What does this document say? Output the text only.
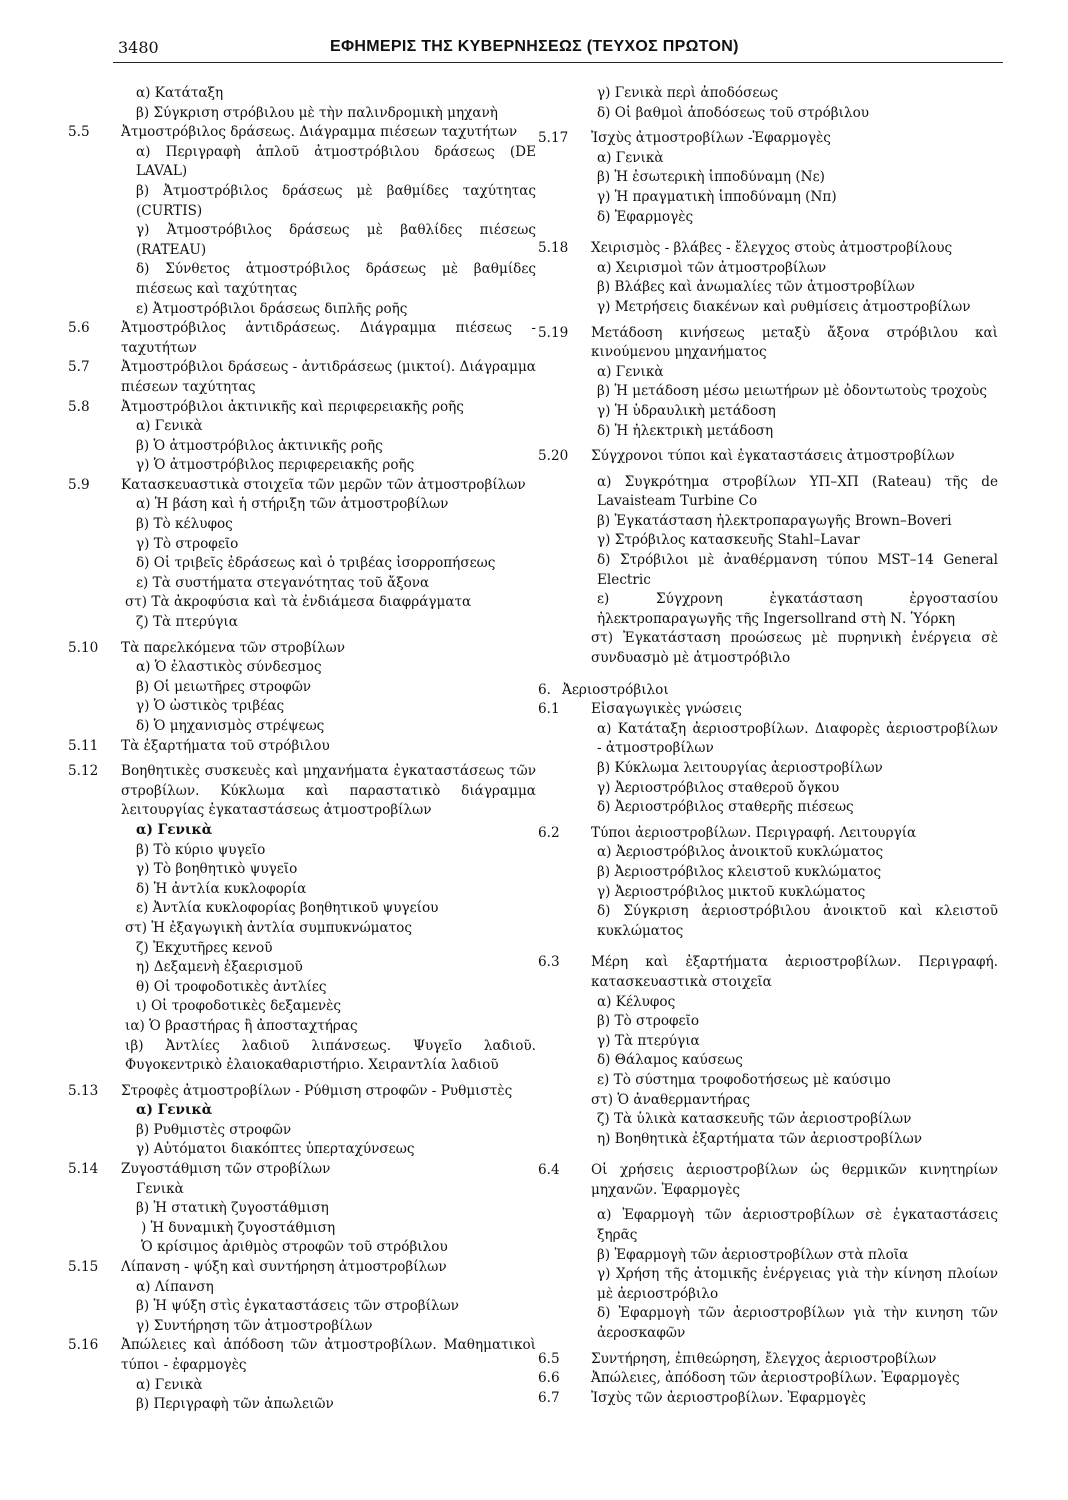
3480	ΕΦΗΜΕΡΙΣ ΤΗΣ ΚΥΒΕΡΝΗΣΕΩΣ (ΤΕΥΧΟΣ ΠΡΩΤΟΝ)
α) Κατάταξη
β) Σύγκριση στρόβιλου μὲ τὴν παλινδρομικὴ μηχανὴ
5.5	Ἀτμοστρόβιλος δράσεως. Διάγραμμα πιέσεων ταχυτήτων
α) Περιγραφὴ ἁπλοῦ ἀτμοστρόβιλου δράσεως (DE LAVAL)
β) Ἀτμοστρόβιλος δράσεως μὲ βαθμίδες ταχύτητας (CURTIS)
γ) Ἀτμοστρόβιλος δράσεως μὲ βαθλίδες πιέσεως (RATEAU)
δ) Σύνθετος ἀτμοστρόβιλος δράσεως μὲ βαθμίδες πιέσεως καὶ ταχύτητας
ε) Ἀτμοστρόβιλοι δράσεως διπλῆς ροῆς
5.6	Ἀτμοστρόβιλος ἀντιδράσεως. Διάγραμμα πιέσεως - ταχυτήτων
5.7	Ἀτμοστρόβιλοι δράσεως - ἀντιδράσεως (μικτοί). Διάγραμμα πιέσεων ταχύτητας
5.8	Ἀτμοστρόβιλοι ἀκτινικῆς καὶ περιφερειακῆς ροῆς
α) Γενικὰ
β) Ὁ ἀτμοστρόβιλος ἀκτινικῆς ροῆς
γ) Ὁ ἀτμοστρόβιλος περιφερειακῆς ροῆς
5.9	Κατασκευαστικὰ στοιχεῖα τῶν μερῶν τῶν ἀτμοστροβίλων
α) Ἡ βάση καὶ ἡ στήριξη τῶν ἀτμοστροβίλων
β) Τὸ κέλυφος
γ) Τὸ στροφεῖο
δ) Οἱ τριβεῖς ἐδράσεως καὶ ὁ τριβέας ἰσορροπήσεως
ε) Τὰ συστήματα στεγανότητας τοῦ ἄξονα
στ) Τὰ ἀκροφύσια καὶ τὰ ἐνδιάμεσα διαφράγματα
ζ) Τὰ πτερύγια
5.10	Τὰ παρελκόμενα τῶν στροβίλων
α) Ὁ ἐλαστικὸς σύνδεσμος
β) Οἱ μειωτῆρες στροφῶν
γ) Ὁ ὠστικὸς τριβέας
δ) Ὁ μηχανισμὸς στρέψεως
5.11	Τὰ ἐξαρτήματα τοῦ στρόβιλου
5.12	Βοηθητικὲς συσκευὲς καὶ μηχανήματα ἐγκαταστάσεως τῶν στροβίλων. Κύκλωμα καὶ παραστατικὸ διάγραμμα λειτουργίας ἐγκαταστάσεως ἀτμοστροβίλων
α) Γενικὰ
β) Τὸ κύριο ψυγεῖο
γ) Τὸ βοηθητικὸ ψυγεῖο
δ) Ἡ ἀντλία κυκλοφορία
ε) Ἀντλία κυκλοφορίας βοηθητικοῦ ψυγείου
στ) Ἡ ἐξαγωγικὴ ἀντλία συμπυκνώματος
ζ) Ἐκχυτῆρες κενοῦ
η) Δεξαμενὴ ἐξαερισμοῦ
θ) Οἱ τροφοδοτικὲς ἀντλίες
ι) Οἱ τροφοδοτικὲς δεξαμενὲς
ια) Ὁ βραστήρας ἢ ἀποσταχτήρας
ιβ) Ἀντλίες λαδιοῦ λιπάνσεως. Ψυγεῖο λαδιοῦ. Φυγοκεντρικὸ ἐλαιοκαθαριστήριο. Χειραντλία λαδιοῦ
5.13	Στροφὲς ἀτμοστροβίλων - Ρύθμιση στροφῶν - Ρυθμιστὲς
α) Γενικὰ
β) Ρυθμιστὲς στροφῶν
γ) Αὐτόματοι διακόπτες ὑπερταχύνσεως
5.14	Ζυγοστάθμιση τῶν στροβίλων
Γενικὰ
β) Ἡ στατικὴ ζυγοστάθμιση
) Ἡ δυναμικὴ ζυγοστάθμιση
Ὁ κρίσιμος ἀριθμὸς στροφῶν τοῦ στρόβιλου
5.15	Λίπανση - ψύξη καὶ συντήρηση ἀτμοστροβίλων
α) Λίπανση
β) Ἡ ψύξη στὶς ἐγκαταστάσεις τῶν στροβίλων
γ) Συντήρηση τῶν ἀτμοστροβίλων
5.16	Ἀπώλειες καὶ ἀπόδοση τῶν ἀτμοστροβίλων. Μαθηματικοὶ τύποι - ἐφαρμογὲς
α) Γενικὰ
β) Περιγραφὴ τῶν ἀπωλειῶν
γ) Γενικὰ περὶ ἀποδόσεως
δ) Οἱ βαθμοὶ ἀποδόσεως τοῦ στρόβιλου
5.17	Ἰσχὺς ἀτμοστροβίλων -Ἐφαρμογὲς
α) Γενικὰ
β) Ἡ ἐσωτερικὴ ἱπποδύναμη (Νε)
γ) Ἡ πραγματικὴ ἱπποδύναμη (Νπ)
δ) Ἐφαρμογὲς
5.18	Χειρισμὸς - βλάβες - ἔλεγχος στοὺς ἀτμοστροβίλους
α) Χειρισμοὶ τῶν ἀτμοστροβίλων
β) Βλάβες καὶ ἀνωμαλίες τῶν ἀτμοστροβίλων
γ) Μετρήσεις διακένων καὶ ρυθμίσεις ἀτμοστροβίλων
5.19	Μετάδοση κινήσεως μεταξὺ ἄξονα στρόβιλου καὶ κινούμενου μηχανήματος
α) Γενικὰ
β) Ἡ μετάδοση μέσω μειωτήρων μὲ ὀδοντωτοὺς τροχοὺς
γ) Ἡ ὑδραυλικὴ μετάδοση
δ) Ἡ ἠλεκτρικὴ μετάδοση
5.20	Σύγχρονοι τύποι καὶ ἐγκαταστάσεις ἀτμοστροβίλων
α) Συγκρότημα στροβίλων ΥΠ–ΧΠ (Rateau) τῆς de Lavaisteam Turbine Co
β) Ἐγκατάσταση ἠλεκτροπαραγωγῆς Brown–Boveri
γ) Στρόβιλος κατασκευῆς Stahl–Lavar
δ) Στρόβιλοι μὲ ἀναθέρμανση τύπου MST–14 General Electric
ε) Σύγχρονη ἐγκατάσταση ἐργοστασίου ἠλεκτροπαραγωγῆς τῆς Ingersollrand στὴ Ν. Ὑόρκη
στ) Ἐγκατάσταση προώσεως μὲ πυρηνικὴ ἐνέργεια σὲ συνδυασμὸ μὲ ἀτμοστρόβιλο
6. Ἀεριοστρόβιλοι
6.1	Εἰσαγωγικὲς γνώσεις
α) Κατάταξη ἀεριοστροβίλων. Διαφορὲς ἀεριοστροβίλων - ἀτμοστροβίλων
β) Κύκλωμα λειτουργίας ἀεριοστροβίλων
γ) Ἀεριοστρόβιλος σταθεροῦ ὄγκου
δ) Ἀεριοστρόβιλος σταθερῆς πιέσεως
6.2	Τύποι ἀεριοστροβίλων. Περιγραφή. Λειτουργία
α) Ἀεριοστρόβιλος ἀνοικτοῦ κυκλώματος
β) Ἀεριοστρόβιλος κλειστοῦ κυκλώματος
γ) Ἀεριοστρόβιλος μικτοῦ κυκλώματος
δ) Σύγκριση ἀεριοστρόβιλου ἀνοικτοῦ καὶ κλειστοῦ κυκλώματος
6.3	Μέρη καὶ ἐξαρτήματα ἀεριοστροβίλων. Περιγραφή. κατασκευαστικὰ στοιχεῖα
α) Κέλυφος
β) Τὸ στροφεῖο
γ) Τὰ πτερύγια
δ) Θάλαμος καύσεως
ε) Τὸ σύστημα τροφοδοτήσεως μὲ καύσιμο
στ) Ὁ ἀναθερμαντήρας
ζ) Τὰ ὑλικὰ κατασκευῆς τῶν ἀεριοστροβίλων
η) Βοηθητικὰ ἐξαρτήματα τῶν ἀεριοστροβίλων
6.4	Οἱ χρήσεις ἀεριοστροβίλων ὡς θερμικῶν κινητηρίων μηχανῶν. Ἐφαρμογὲς
α) Ἐφαρμογὴ τῶν ἀεριοστροβίλων σὲ ἐγκαταστάσεις ξηρᾶς
β) Ἐφαρμογὴ τῶν ἀεριοστροβίλων στὰ πλοῖα
γ) Χρήση τῆς ἀτομικῆς ἐνέργειας γιὰ τὴν κίνηση πλοίων μὲ ἀεριοστρόβιλο
δ) Ἐφαρμογὴ τῶν ἀεριοστροβίλων γιὰ τὴν κινηση τῶν ἀεροσκαφῶν
6.5	Συντήρηση, ἐπιθεώρηση, ἔλεγχος ἀεριοστροβίλων
6.6	Ἀπώλειες, ἀπόδοση τῶν ἀεριοστροβίλων. Ἐφαρμογὲς
6.7	Ἰσχὺς τῶν ἀεριοστροβίλων. Ἐφαρμογὲς
